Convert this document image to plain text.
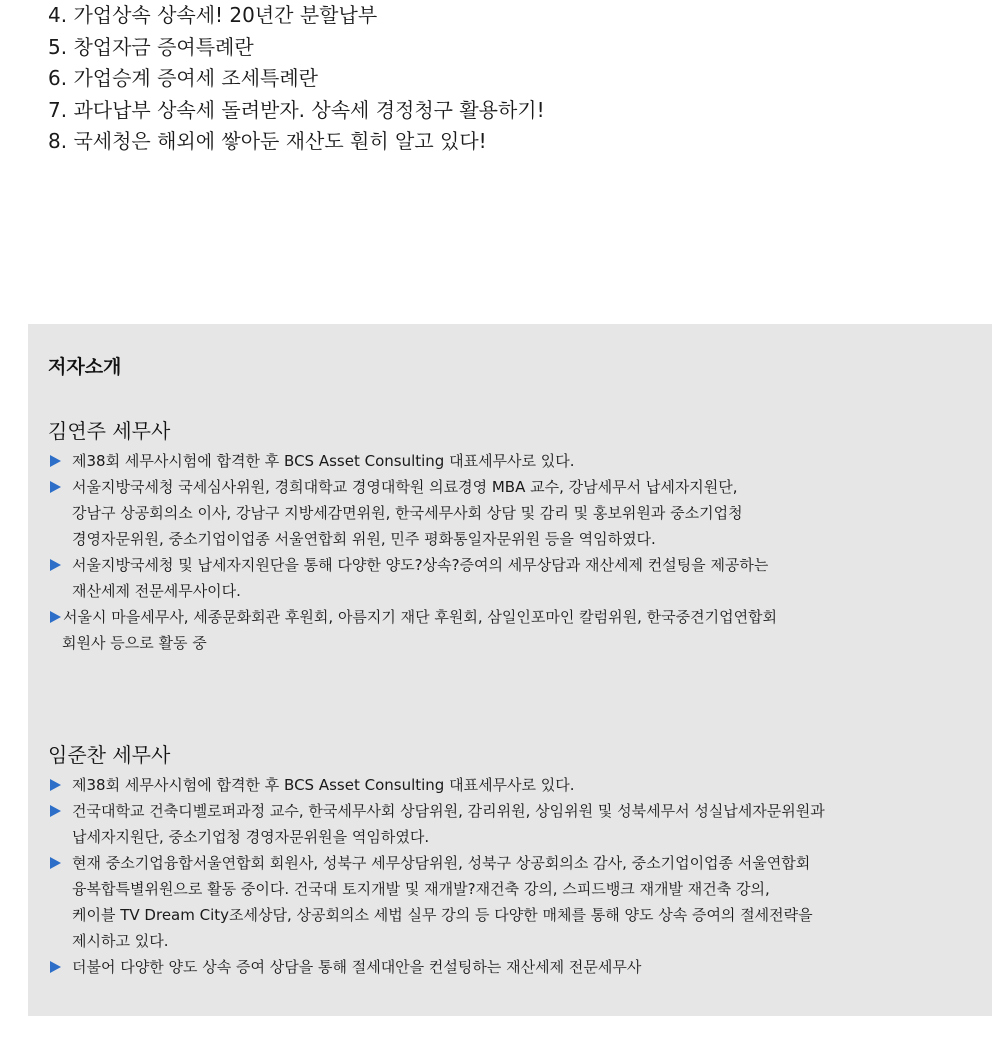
4. 가업상속 상속세! 20년간 분할납부
5. 창업자금 증여특례란
6. 가업승계 증여세 조세특례란
7. 과다납부 상속세 돌려받자. 상속세 경정청구 활용하기!
8. 국세청은 해외에 쌓아둔 재산도 훤히 알고 있다!
저자소개
김연주 세무사
제38회 세무사시험에 합격한 후 BCS Asset Consulting 대표세무사로 있다.
서울지방국세청 국세심사위원, 경희대학교 경영대학원 의료경영 MBA 교수, 강남세무서 납세자지원단,
강남구 상공회의소 이사, 강남구 지방세감면위원, 한국세무사회 상담 및 감리 및 홍보위원과 중소기업청
경영자문위원, 중소기업이업종 서울연합회 위원, 민주 평화통일자문위원 등을 역임하였다.
서울지방국세청 및 납세자지원단을 통해 다양한 양도?상속?증여의 세무상담과 재산세제 컨설팅을 제공하는
재산세제 전문세무사이다.
서울시 마을세무사, 세종문화회관 후원회, 아름지기 재단 후원회, 삼일인포마인 칼럼위원, 한국중견기업연합회
회원사 등으로 활동 중
임준찬 세무사
제38회 세무사시험에 합격한 후 BCS Asset Consulting 대표세무사로 있다.
건국대학교 건축디벨로퍼과정 교수, 한국세무사회 상담위원, 감리위원, 상임위원 및 성북세무서 성실납세자문위원과
납세자지원단, 중소기업청 경영자문위원을 역임하였다.
현재 중소기업융합서울연합회 회원사, 성북구 세무상담위원, 성북구 상공회의소 감사, 중소기업이업종 서울연합회
융복합특별위원으로 활동 중이다. 건국대 토지개발 및 재개발?재건축 강의, 스피드뱅크 재개발 재건축 강의,
케이블 TV Dream City조세상담, 상공회의소 세법 실무 강의 등 다양한 매체를 통해 양도 상속 증여의 절세전략을
제시하고 있다.
더불어 다양한 양도 상속 증여 상담을 통해 절세대안을 컨설팅하는 재산세제 전문세무사
